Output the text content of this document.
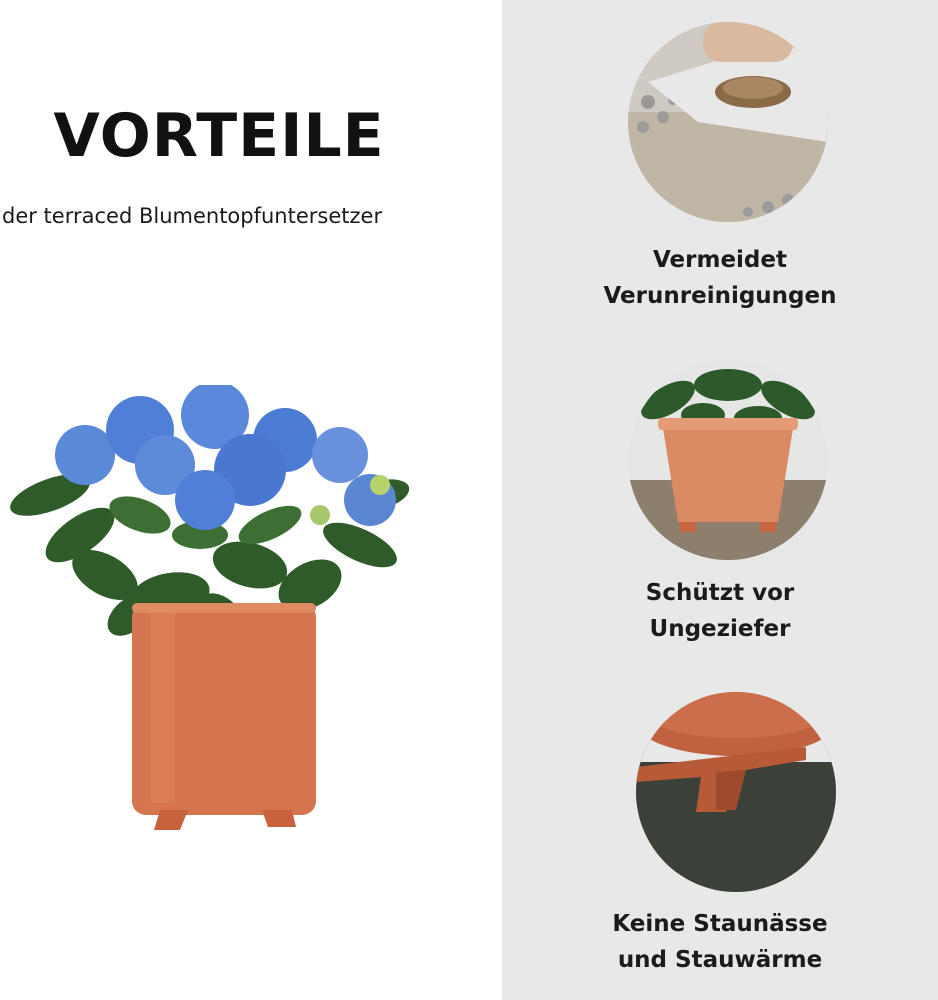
VORTEILE
der terraced Blumentopfuntersetzer
Vermeidet
Verunreinigungen
Schützt vor
Ungeziefer
Keine Staunässe
und Stauwärme
